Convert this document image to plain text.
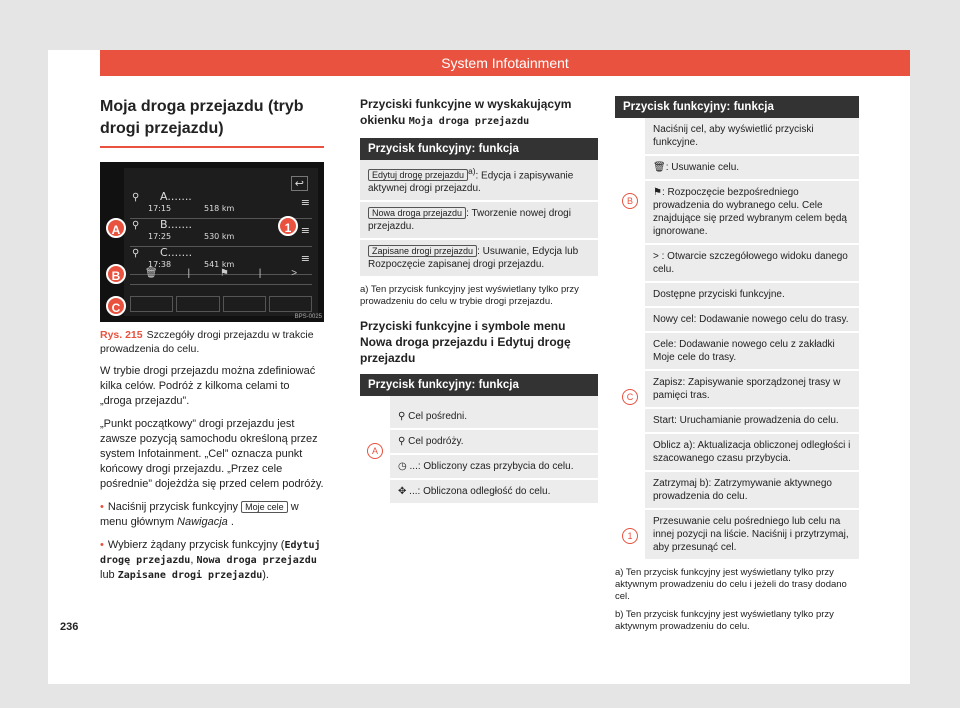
System Infotainment
Moja droga przejazdu (tryb drogi przejazdu)
↩
⚲ A.......
17:15	518 km	≡
⚲ B.......
17:25	530 km	≡
⚲ C.......
17:38	541 km	≡
🗑	|	⚑	|	>
A	1
B
C
BPS-0025
Rys. 215 Szczegóły drogi przejazdu w trakcie prowadzenia do celu.

W trybie drogi przejazdu można zdefiniować kilka celów. Podróż z kilkoma celami to „droga przejazdu”.

„Punkt początkowy” drogi przejazdu jest zawsze pozycją samochodu określoną przez system Infotainment. „Cel” oznacza punkt końcowy drogi przejazdu. „Przez cele pośrednie” dojeżdża się przed celem podróży.

• Naciśnij przycisk funkcyjny Moje cele w menu głównym Nawigacja .

• Wybierz żądany przycisk funkcyjny (Edytuj drogę przejazdu, Nowa droga przejazdu lub Zapisane drogi przejazdu).

Przyciski funkcyjne w wyskakującym okienku Moja droga przejazdu
Przycisk funkcyjny: funkcja
Edytuj drogę przejazdu $^{a)}$: Edycja i zapisywanie aktywnej drogi przejazdu.
Nowa droga przejazdu : Tworzenie nowej drogi przejazdu.
Zapisane drogi przejazdu : Usuwanie, Edycja lub Rozpoczęcie zapisanej drogi przejazdu.
a) Ten przycisk funkcyjny jest wyświetlany tylko przy prowadzeniu do celu w trybie drogi przejazdu.
Przyciski funkcyjne i symbole menu Nowa droga przejazdu i Edytuj drogę przejazdu
Przycisk funkcyjny: funkcja
A
⚲ Cel pośredni.
⚲ Cel podróży.
◷ ...: Obliczony czas przybycia do celu.
✥ ...: Obliczona odległość do celu.
Przycisk funkcyjny: funkcja
B
Naciśnij cel, aby wyświetlić przyciski funkcyjne.
🗑: Usuwanie celu.
⚑: Rozpoczęcie bezpośredniego prowadzenia do wybranego celu. Cele znajdujące się przed wybranym celem będą ignorowane.
> : Otwarcie szczegółowego widoku danego celu.
C
Dostępne przyciski funkcyjne.
Nowy cel: Dodawanie nowego celu do trasy.
Cele: Dodawanie nowego celu z zakładki Moje cele do trasy.
Zapisz: Zapisywanie sporządzonej trasy w pamięci tras.
Start: Uruchamianie prowadzenia do celu.
Oblicz a): Aktualizacja obliczonej odległości i szacowanego czasu przybycia.
Zatrzymaj b): Zatrzymywanie aktywnego prowadzenia do celu.
1
Przesuwanie celu pośredniego lub celu na innej pozycji na liście. Naciśnij i przytrzymaj, aby przesunąć cel.
a) Ten przycisk funkcyjny jest wyświetlany tylko przy aktywnym prowadzeniu do celu i jeżeli do trasy dodano cel.
b) Ten przycisk funkcyjny jest wyświetlany tylko przy aktywnym prowadzeniu do celu.
236
